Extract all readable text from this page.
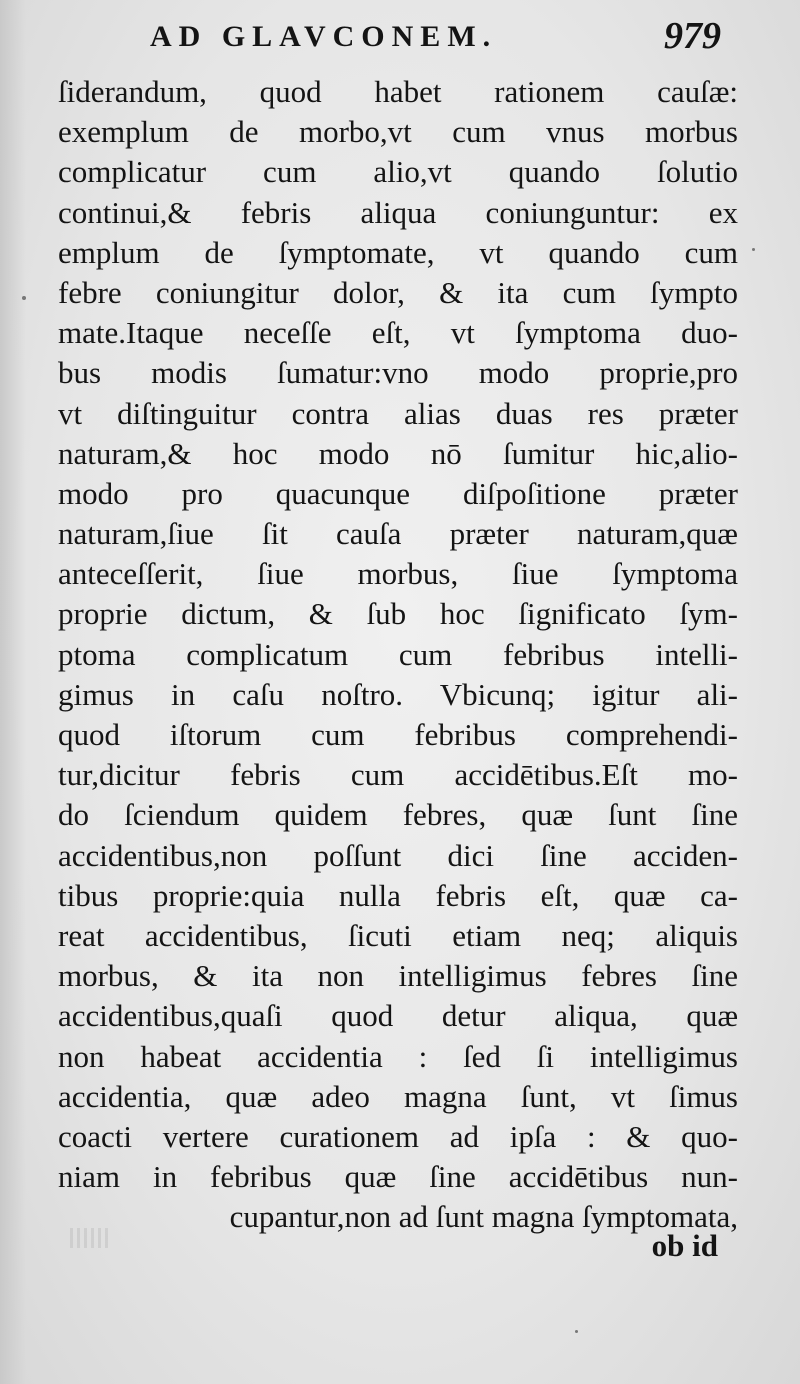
AD GLAVCONEM.	979
ſiderandum, quod habet rationem cauſæ:
exemplum de morbo,vt cum vnus morbus
complicatur cum alio,vt quando ſolutio
continui,& febris aliqua coniunguntur: ex
emplum de ſymptomate, vt quando cum
febre coniungitur dolor, & ita cum ſympto
mate.Itaque neceſſe eſt, vt ſymptoma duo-
bus modis ſumatur:vno modo proprie,pro
vt diſtinguitur contra alias duas res præter
naturam,& hoc modo nō ſumitur hic,alio-
modo pro quacunque diſpoſitione præter
naturam,ſiue ſit cauſa præter naturam,quæ
anteceſſerit, ſiue morbus, ſiue ſymptoma
proprie dictum, & ſub hoc ſignificato ſym-
ptoma complicatum cum febribus intelli-
gimus in caſu noſtro. Vbicunq; igitur ali-
quod iſtorum cum febribus comprehendi-
tur,dicitur febris cum accidētibus.Eſt mo-
do ſciendum quidem febres, quæ ſunt ſine
accidentibus,non poſſunt dici ſine acciden-
tibus proprie:quia nulla febris eſt, quæ ca-
reat accidentibus, ſicuti etiam neq; aliquis
morbus, & ita non intelligimus febres ſine
accidentibus,quaſi quod detur aliqua, quæ
non habeat accidentia : ſed ſi intelligimus
accidentia, quæ adeo magna ſunt, vt ſimus
coacti vertere curationem ad ipſa : & quo-
niam in febribus quæ ſine accidētibus nun-
cupantur,non ad ſunt magna ſymptomata,
ob id
